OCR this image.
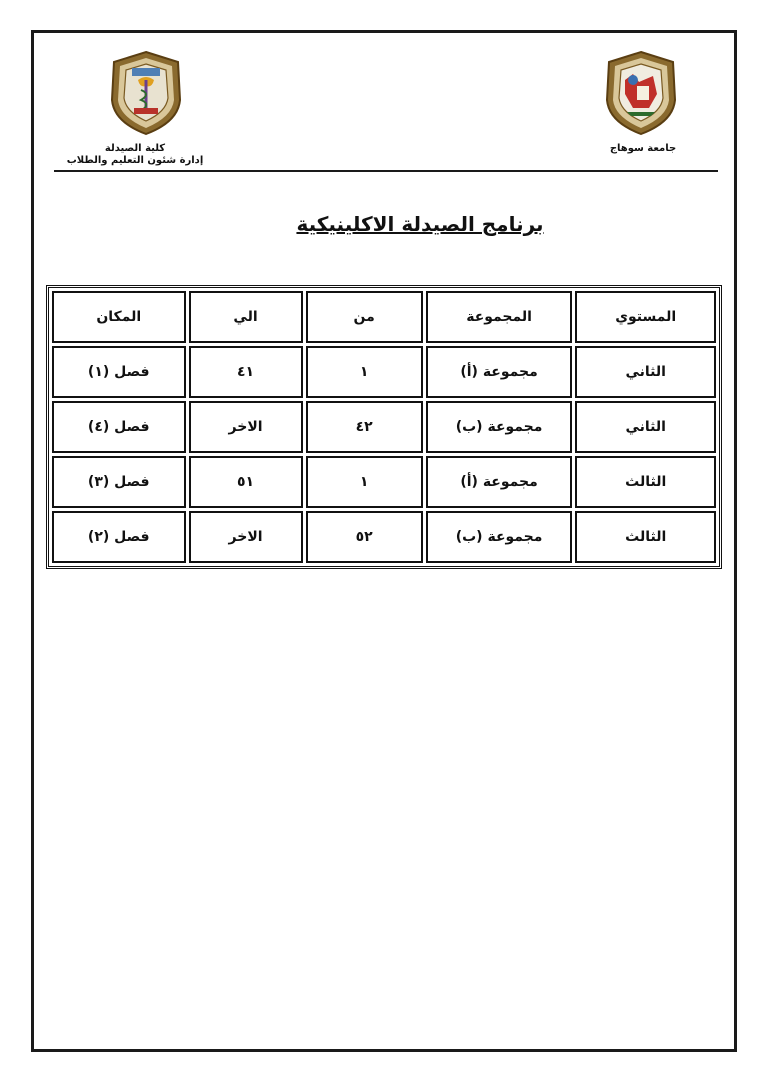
كلية الصيدلة
إدارة شئون التعليم والطلاب
جامعة سوهاج
برنامج الصيدلة الاكلينيكية
المستوي	المجموعة	من	الي	المكان
الثاني	مجموعة (أ)	١	٤١	فصل (١)
الثاني	مجموعة (ب)	٤٢	الاخر	فصل (٤)
الثالث	مجموعة (أ)	١	٥١	فصل (٣)
الثالث	مجموعة (ب)	٥٢	الاخر	فصل (٢)
